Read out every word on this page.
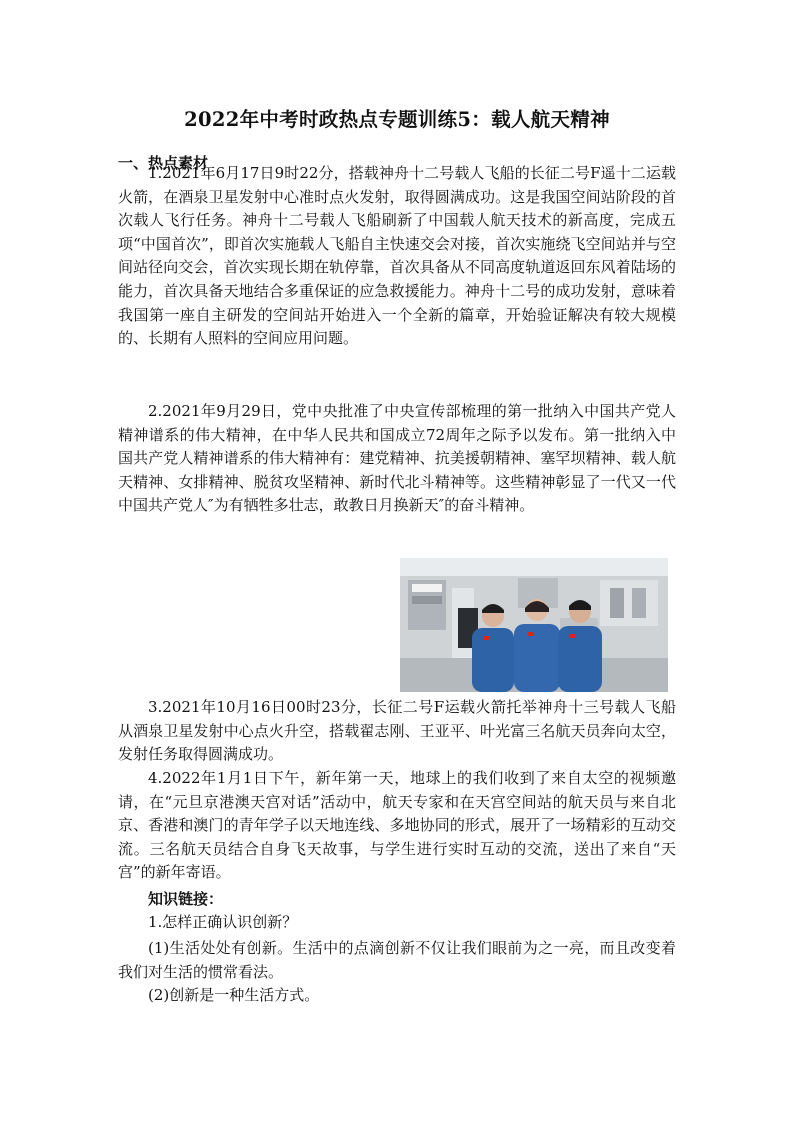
2022年中考时政热点专题训练5：载人航天精神
一、热点素材

1.2021年6月17日9时22分，搭载神舟十二号载人飞船的长征二号F遥十二运载火箭，在酒泉卫星发射中心准时点火发射，取得圆满成功。这是我国空间站阶段的首次载人飞行任务。神舟十二号载人飞船刷新了中国载人航天技术的新高度，完成五项“中国首次”，即首次实施载人飞船自主快速交会对接，首次实施绕飞空间站并与空间站径向交会，首次实现长期在轨停靠，首次具备从不同高度轨道返回东风着陆场的能力，首次具备天地结合多重保证的应急救援能力。神舟十二号的成功发射，意味着我国第一座自主研发的空间站开始进入一个全新的篇章，开始验证解决有较大规模的、长期有人照料的空间应用问题。

2.2021年9月29日，党中央批准了中央宣传部梳理的第一批纳入中国共产党人精神谱系的伟大精神，在中华人民共和国成立72周年之际予以发布。第一批纳入中国共产党人精神谱系的伟大精神有：建党精神、抗美援朝精神、塞罕坝精神、载人航天精神、女排精神、脱贫攻坚精神、新时代北斗精神等。这些精神彰显了一代又一代中国共产党人″为有牺牲多壮志，敢教日月换新天″的奋斗精神。

3.2021年10月16日00时23分，长征二号F运载火箭托举神舟十三号载人飞船从酒泉卫星发射中心点火升空，搭载翟志刚、王亚平、叶光富三名航天员奔向太空，发射任务取得圆满成功。

4.2022年1月1日下午，新年第一天，地球上的我们收到了来自太空的视频邀请，在“元旦京港澳天宫对话”活动中，航天专家和在天宫空间站的航天员与来自北京、香港和澳门的青年学子以天地连线、多地协同的形式，展开了一场精彩的互动交流。三名航天员结合自身飞天故事，与学生进行实时互动的交流，送出了来自“天宫”的新年寄语。

知识链接：
1.怎样正确认识创新？

(1)生活处处有创新。生活中的点滴创新不仅让我们眼前为之一亮，而且改变着我们对生活的惯常看法。

(2)创新是一种生活方式。
